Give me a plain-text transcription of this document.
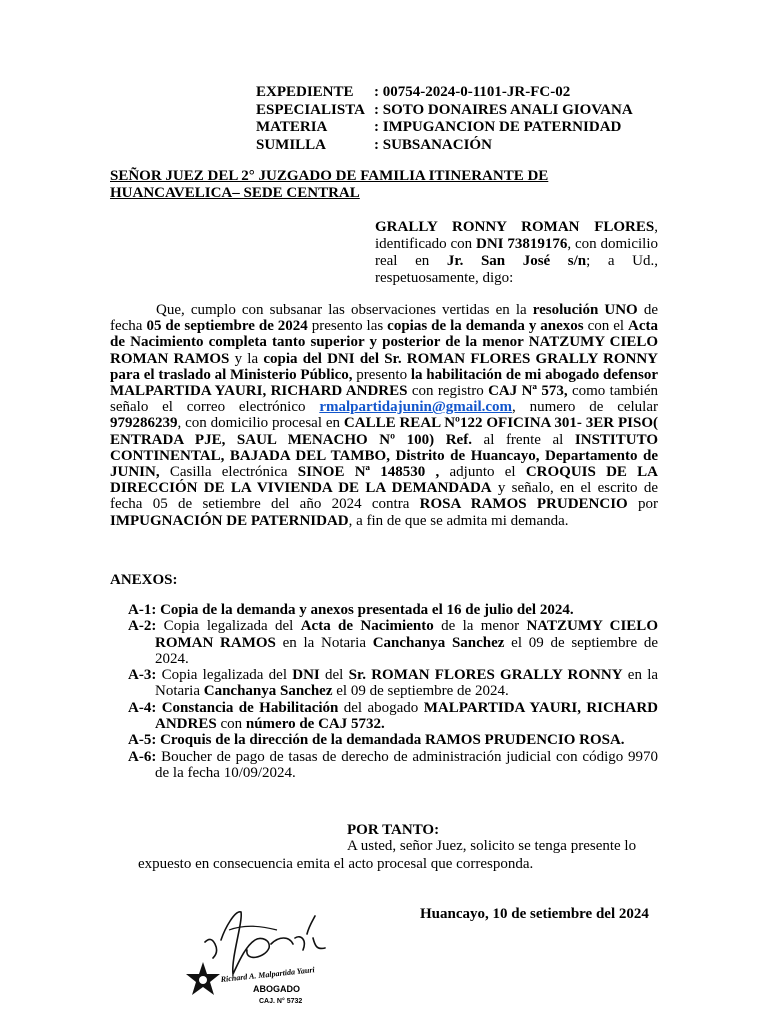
EXPEDIENTE	: 00754-2024-0-1101-JR-FC-02
ESPECIALISTA : SOTO DONAIRES ANALI GIOVANA
MATERIA	: IMPUGANCION DE PATERNIDAD
SUMILLA	: SUBSANACIÓN
SEÑOR JUEZ DEL 2° JUZGADO DE FAMILIA ITINERANTE DE HUANCAVELICA– SEDE CENTRAL
GRALLY RONNY ROMAN FLORES, identificado con DNI 73819176, con domicilio real en Jr. San José s/n; a Ud., respetuosamente, digo:
Que, cumplo con subsanar las observaciones vertidas en la resolución UNO de fecha 05 de septiembre de 2024 presento las copias de la demanda y anexos con el Acta de Nacimiento completa tanto superior y posterior de la menor NATZUMY CIELO ROMAN RAMOS y la copia del DNI del Sr. ROMAN FLORES GRALLY RONNY para el traslado al Ministerio Público, presento la habilitación de mi abogado defensor MALPARTIDA YAURI, RICHARD ANDRES con registro CAJ Nª 573, como también señalo el correo electrónico rmalpartidajunin@gmail.com, numero de celular 979286239, con domicilio procesal en CALLE REAL Nº122 OFICINA 301- 3ER PISO( ENTRADA PJE, SAUL MENACHO Nº 100) Ref. al frente al INSTITUTO CONTINENTAL, BAJADA DEL TAMBO, Distrito de Huancayo, Departamento de JUNIN, Casilla electrónica SINOE Nª 148530 , adjunto el CROQUIS DE LA DIRECCIÓN DE LA VIVIENDA DE LA DEMANDADA y señalo, en el escrito de fecha 05 de setiembre del año 2024 contra ROSA RAMOS PRUDENCIO por IMPUGNACIÓN DE PATERNIDAD, a fin de que se admita mi demanda.
ANEXOS:
A-1: Copia de la demanda y anexos presentada el 16 de julio del 2024.
A-2: Copia legalizada del Acta de Nacimiento de la menor NATZUMY CIELO ROMAN RAMOS en la Notaria Canchanya Sanchez el 09 de septiembre de 2024.
A-3: Copia legalizada del DNI del Sr. ROMAN FLORES GRALLY RONNY en la Notaria Canchanya Sanchez el 09 de septiembre de 2024.
A-4: Constancia de Habilitación del abogado MALPARTIDA YAURI, RICHARD ANDRES con número de CAJ 5732.
A-5: Croquis de la dirección de la demandada RAMOS PRUDENCIO ROSA.
A-6: Boucher de pago de tasas de derecho de administración judicial con código 9970 de la fecha 10/09/2024.
POR TANTO:
A usted, señor Juez, solicito se tenga presente lo
expuesto en consecuencia emita el acto procesal que corresponda.
Huancayo, 10 de setiembre del 2024
Richard A. Malpartida Yauri
ABOGADO
CAJ. N° 5732
